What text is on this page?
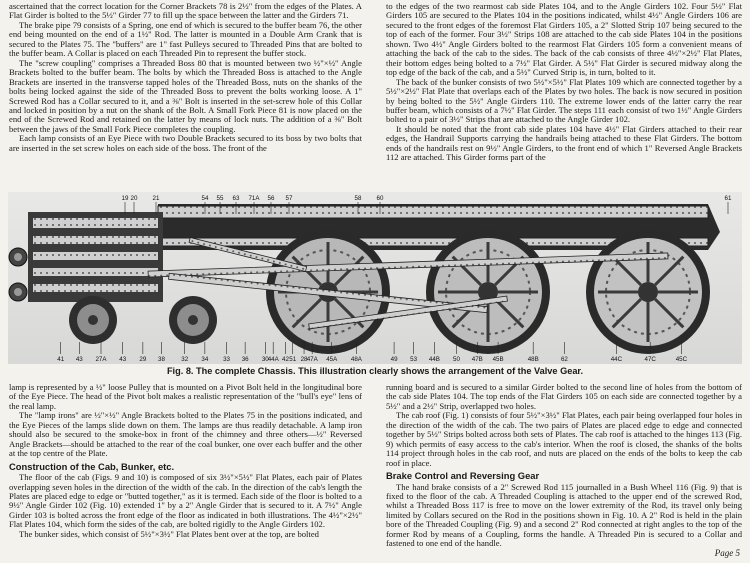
ascertained that the correct location for the Corner Brackets 78 is 2½" from the edges of the Plates. A Flat Girder is bolted to the 5½" Girder 77 to fill up the space between the latter and the Girders 71.

The brake pipe 79 consists of a Spring, one end of which is secured to the buffer beam 76, the other end being mounted on the end of a 1½" Rod. The latter is mounted in a Double Arm Crank that is secured to the Plates 75. The "buffers" are 1" fast Pulleys secured to Threaded Pins that are bolted to the buffer beam. A Collar is placed on each Threaded Pin to represent the buffer stock.

The "screw coupling" comprises a Threaded Boss 80 that is mounted between two ½"×½" Angle Brackets bolted to the buffer beam. The bolts by which the Threaded Boss is attached to the Angle Brackets are inserted in the transverse tapped holes of the Threaded Boss, nuts on the shanks of the bolts being locked against the side of the Threaded Boss to prevent the bolts working loose. A 1" Screwed Rod has a Collar secured to it, and a ⅜" Bolt is inserted in the set-screw hole of this Collar and locked in position by a nut on the shank of the Bolt. A Small Fork Piece 81 is now placed on the end of the Screwed Rod and retained on the latter by means of lock nuts. The addition of a ⅜" Bolt between the jaws of the Small Fork Piece completes the coupling.

Each lamp consists of an Eye Piece with two Double Brackets secured to its boss by two bolts that are inserted in the set screw holes on each side of the boss. The front of the

to the edges of the two rearmost cab side Plates 104, and to the Angle Girders 102. Four 5½" Flat Girders 105 are secured to the Plates 104 in the positions indicated, whilst 4½" Angle Girders 106 are secured to the front edges of the foremost Flat Girders 105, a 2" Slotted Strip 107 being secured to the top of each of the former. Four 3½" Strips 108 are attached to the cab side Plates 104 in the positions shown. Two 4½" Angle Girders bolted to the rearmost Flat Girders 105 form a convenient means of attaching the back of the cab to the sides. The back of the cab consists of three 4½"×2½" Flat Plates, their bottom edges being bolted to a 7½" Flat Girder. A 5½" Flat Girder is secured midway along the top edge of the back of the cab, and a 5½" Curved Strip is, in turn, bolted to it.

The back of the bunker consists of two 5½"×5½" Flat Plates 109 which are connected together by a 5½"×2½" Flat Plate that overlaps each of the Plates by two holes. The back is now secured in position by being bolted to the 5½" Angle Girders 110. The extreme lower ends of the latter carry the rear buffer beam, which consists of a 7½" Flat Girder. The steps 111 each consist of two 1½" Angle Girders bolted to a pair of 3½" Strips that are attached to the Angle Girder 102.

It should be noted that the front cab side plates 104 have 4½" Flat Girders attached to their rear edges, the Handrail Supports carrying the handrails being attached to these Flat Girders. The bottom ends of the handrails rest on 9½" Angle Girders, to the front end of which 1" Reversed Angle Brackets 112 are attached. This Girder forms part of the

19 20 21	54 55 63 71A 56 57	58 60	61
41 43 27A 43 29 38	32 34 33 36 30 42 28
44A 51 47A 45A 48A	49 53 44B 50 47B 45B	48B	62	44C	47C	45C
Fig. 8. The complete Chassis. This illustration clearly shows the arrangement of the Valve Gear.

lamp is represented by a ½" loose Pulley that is mounted on a Pivot Bolt held in the longitudinal bore of the Eye Piece. The head of the Pivot bolt makes a realistic representation of the "bull's eye" lens of the real lamp.

The "lamp irons" are ½"×½" Angle Brackets bolted to the Plates 75 in the positions indicated, and the Eye Pieces of the lamps slide down on them. The lamps are thus readily detachable. A lamp iron should also be secured to the smoke-box in front of the chimney and three others—½" Reversed Angle Brackets—should be attached to the rear of the coal bunker, one over each buffer and the other at the top centre of the Plate.

Construction of the Cab, Bunker, etc.

The floor of the cab (Figs. 9 and 10) is composed of six 3½"×5½" Flat Plates, each pair of Plates overlapping seven holes in the direction of the width of the cab. In the direction of the cab's length the Plates are placed edge to edge or "butted together," as it is termed. Each side of the floor is bolted to a 9½" Angle Girder 102 (Fig. 10) extended 1" by a 2" Angle Girder that is secured to it. A 7½" Angle Girder 103 is bolted across the front edge of the floor as indicated in both illustrations. The 4½"×2½" Flat Plates 104, which form the sides of the cab, are bolted rigidly to the Angle Girders 102.

The bunker sides, which consist of 5½"×3½" Flat Plates bent over at the top, are bolted

running board and is secured to a similar Girder bolted to the second line of holes from the bottom of the cab side Plates 104. The top ends of the Flat Girders 105 on each side are connected together by a 5½" and a 2½" Strip, overlapped two holes.

The cab roof (Fig. 1) consists of four 5½"×3½" Flat Plates, each pair being overlapped four holes in the direction of the width of the cab. The two pairs of Plates are placed edge to edge and connected together by 5½" Strips bolted across both sets of Plates. The cab roof is attached to the hinges 113 (Fig. 9) which permits of easy access to the cab's interior. When the roof is closed, the shanks of the bolts 114 project through holes in the cab roof, and nuts are placed on the ends of the bolts to keep the cab roof in place.

Brake Control and Reversing Gear

The hand brake consists of a 2" Screwed Rod 115 journalled in a Bush Wheel 116 (Fig. 9) that is fixed to the floor of the cab. A Threaded Coupling is attached to the upper end of the screwed Rod, whilst a Threaded Boss 117 is free to move on the lower extremity of the Rod, its travel only being limited by Collars secured on the Rod in the positions shown in Fig. 10. A 2" Rod is held in the plain bore of the Threaded Coupling (Fig. 9) and a second 2" Rod connected at right angles to the top of the former Rod by means of a Coupling, forms the handle. A Threaded Pin is secured to a Collar and fastened to one end of the handle.

Page 5
